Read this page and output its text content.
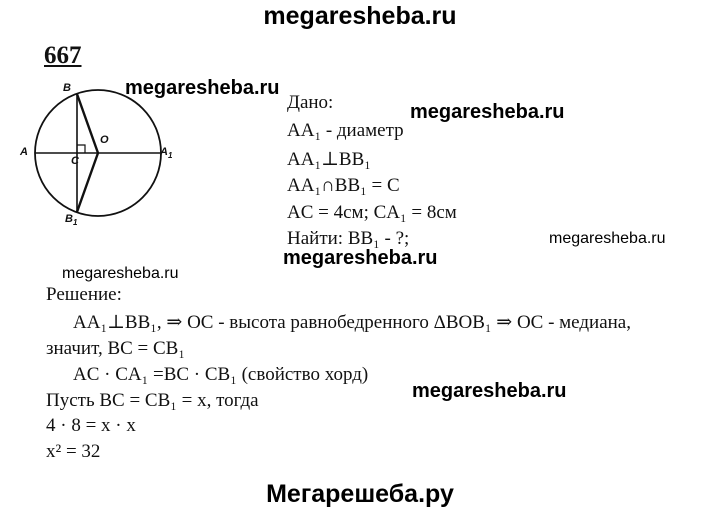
megaresheba.ru
667
B
A
O
C
$A_1$
$B_1$
megaresheba.ru
megaresheba.ru
Дано:
AA₁ - диаметр
AA₁⊥BB₁
AA₁∩BB₁ = C
AC = 4см; CA₁ = 8см
Найти: BB₁ - ?;	megaresheba.ru
megaresheba.ru
megaresheba.ru
Решение:
AA₁⊥BB₁, ⇒ OC - высота равнобедренного ΔBOB₁ ⇒ OC - медиана,
значит, BC = CB₁
AC · CA₁ =BC · CB₁ (свойство хорд)
Пусть BC = CB₁ = x, тогда
4 · 8 = x · x
x² = 32
megaresheba.ru
Мегарешеба.ру
